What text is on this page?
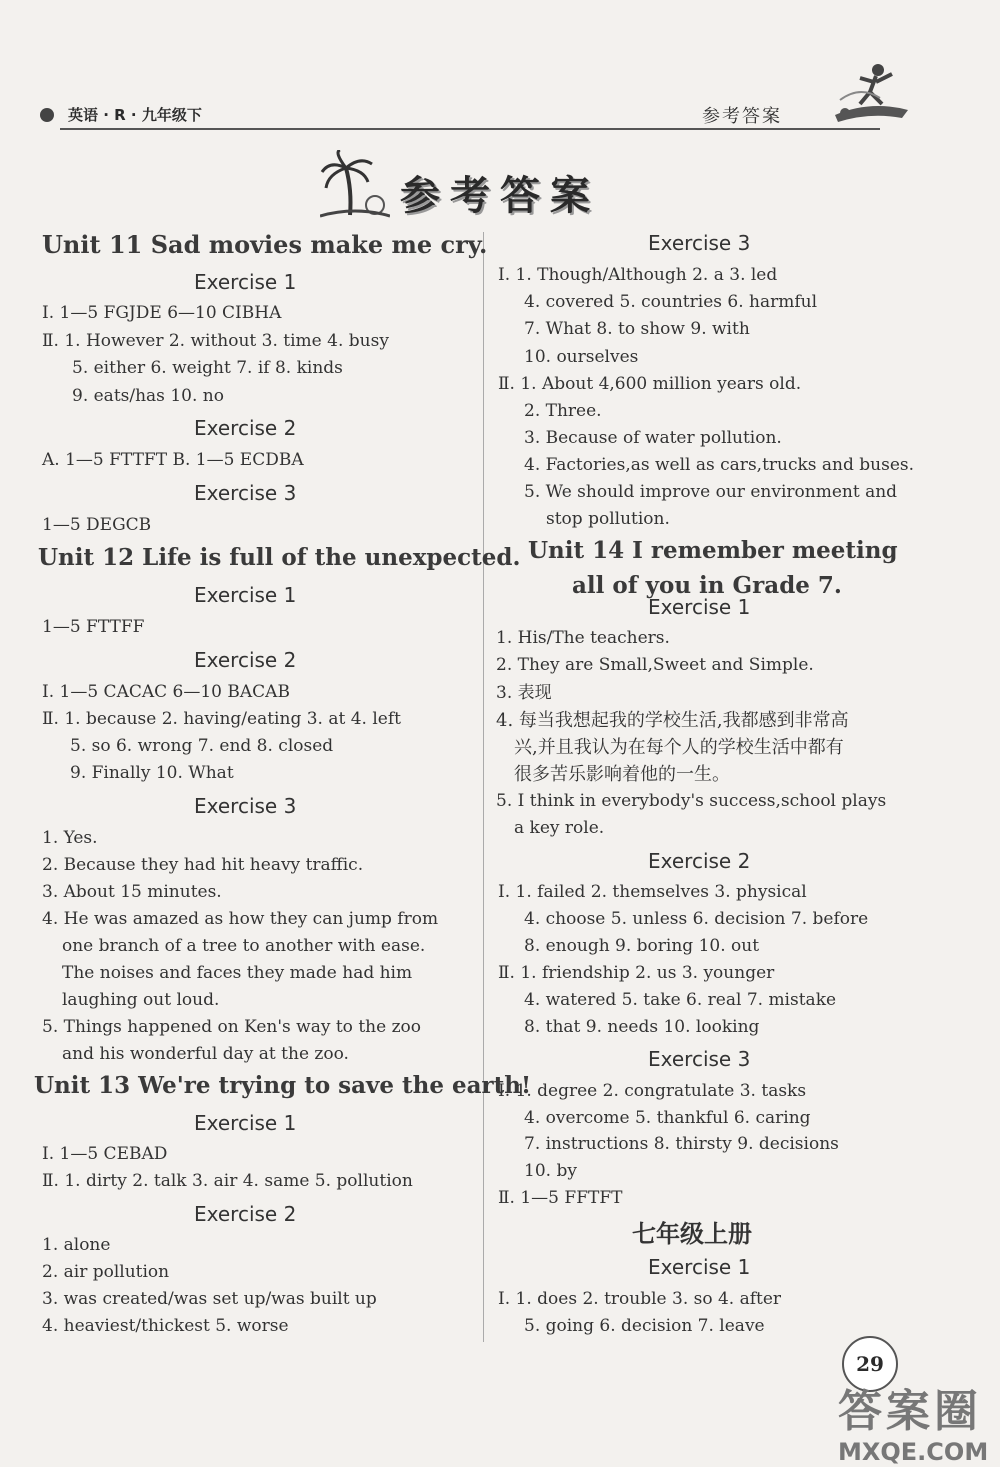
英语 · R · 九年级下	参考答案
参考答案
Unit 11 Sad movies make me cry.
Exercise 1
Ⅰ. 1—5 FGJDE 6—10 CIBHA
Ⅱ. 1. However 2. without 3. time 4. busy
5. either 6. weight 7. if 8. kinds
9. eats/has 10. no
Exercise 2
A. 1—5 FTTFT B. 1—5 ECDBA
Exercise 3
1—5 DEGCB
Unit 12 Life is full of the unexpected.
Exercise 1
1—5 FTTFF
Exercise 2
Ⅰ. 1—5 CACAC 6—10 BACAB
Ⅱ. 1. because 2. having/eating 3. at 4. left
5. so 6. wrong 7. end 8. closed
9. Finally 10. What
Exercise 3
1. Yes.
2. Because they had hit heavy traffic.
3. About 15 minutes.
4. He was amazed as how they can jump from
one branch of a tree to another with ease.
The noises and faces they made had him
laughing out loud.
5. Things happened on Ken's way to the zoo
and his wonderful day at the zoo.
Unit 13 We're trying to save the earth!
Exercise 1
Ⅰ. 1—5 CEBAD
Ⅱ. 1. dirty 2. talk 3. air 4. same 5. pollution
Exercise 2
1. alone
2. air pollution
3. was created/was set up/was built up
4. heaviest/thickest 5. worse
Exercise 3
Ⅰ. 1. Though/Although 2. a 3. led
4. covered 5. countries 6. harmful
7. What 8. to show 9. with
10. ourselves
Ⅱ. 1. About 4,600 million years old.
2. Three.
3. Because of water pollution.
4. Factories,as well as cars,trucks and buses.
5. We should improve our environment and
stop pollution.
Unit 14 I remember meeting
all of you in Grade 7.
Exercise 1
1. His/The teachers.
2. They are Small,Sweet and Simple.
3. 表现
4. 每当我想起我的学校生活,我都感到非常高
兴,并且我认为在每个人的学校生活中都有
很多苦乐影响着他的一生。
5. I think in everybody's success,school plays
a key role.
Exercise 2
Ⅰ. 1. failed 2. themselves 3. physical
4. choose 5. unless 6. decision 7. before
8. enough 9. boring 10. out
Ⅱ. 1. friendship 2. us 3. younger
4. watered 5. take 6. real 7. mistake
8. that 9. needs 10. looking
Exercise 3
Ⅰ. 1. degree 2. congratulate 3. tasks
4. overcome 5. thankful 6. caring
7. instructions 8. thirsty 9. decisions
10. by
Ⅱ. 1—5 FFTFT
七年级上册
Exercise 1
Ⅰ. 1. does 2. trouble 3. so 4. after
5. going 6. decision 7. leave
29
答案圈
MXQE.COM
